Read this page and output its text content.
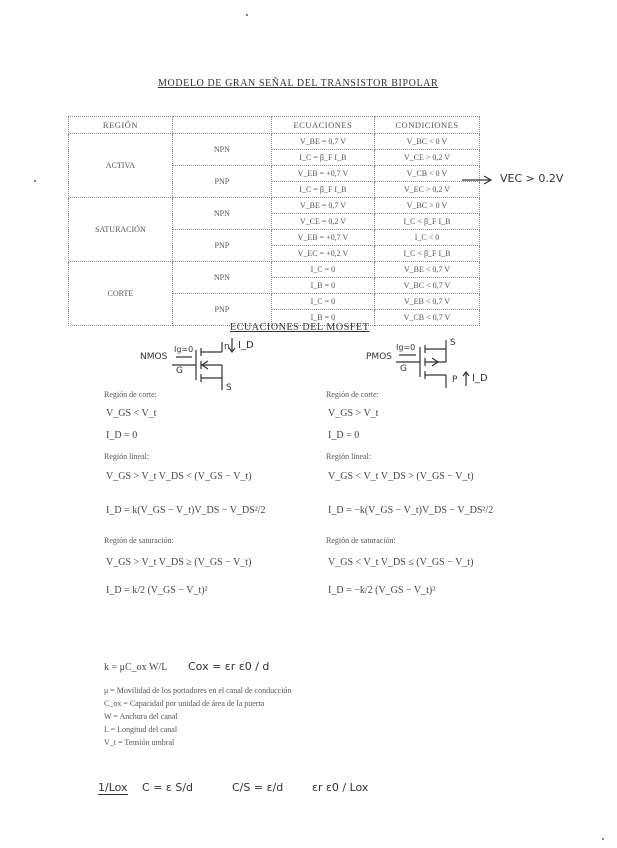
MODELO DE GRAN SEÑAL DEL TRANSISTOR BIPOLAR
REGIÓN		ECUACIONES	CONDICIONES
ACTIVA	NPN	V_BE = 0,7 V	V_BC < 0 V
		I_C = β_F I_B	V_CE > 0,2 V
	PNP	V_EB = +0,7 V	V_CB < 0 V
		I_C = β_F I_B	V_EC > 0,2 V
SATURACIÓN	NPN	V_BE = 0,7 V	V_BC > 0 V
		V_CE = 0,2 V	I_C < β_F I_B
	PNP	V_EB = +0,7 V	I_C < 0
		V_EC = +0,2 V	I_C < β_F I_B
CORTE	NPN	I_C = 0	V_BE < 0,7 V
		I_B = 0	V_BC < 0,7 V
	PNP	I_C = 0	V_EB < 0,7 V
		I_B = 0	V_CB < 0,7 V
VEC > 0.2V
ECUACIONES DEL MOSFET
NMOS
Ig=0
G
n I_D
S
PMOS
Ig=0
G
S
P I_D
Región de corte:
V_GS < V_t
I_D = 0
Región lineal:
V_GS > V_t V_DS < (V_GS − V_t)
I_D = k(V_GS − V_t)V_DS − V_DS²/2
Región de saturación:
V_GS > V_t V_DS ≥ (V_GS − V_t)
I_D = k/2 (V_GS − V_t)²
Región de corte:
V_GS > V_t
I_D = 0
Región lineal:
V_GS < V_t V_DS > (V_GS − V_t)
I_D = −k(V_GS − V_t)V_DS − V_DS²/2
Región de saturación:
V_GS < V_t V_DS ≤ (V_GS − V_t)
I_D = −k/2 (V_GS − V_t)²
k = μC_ox W/L Cox = εr ε0 / d
μ = Movilidad de los portadores en el canal de conducción
C_ox = Capacidad por unidad de área de la puerta
W = Anchura del canal
L = Longitud del canal
V_t = Tensión umbral
1/Lox C = ε S/d	C/S = ε/d	εr ε0 / Lox
